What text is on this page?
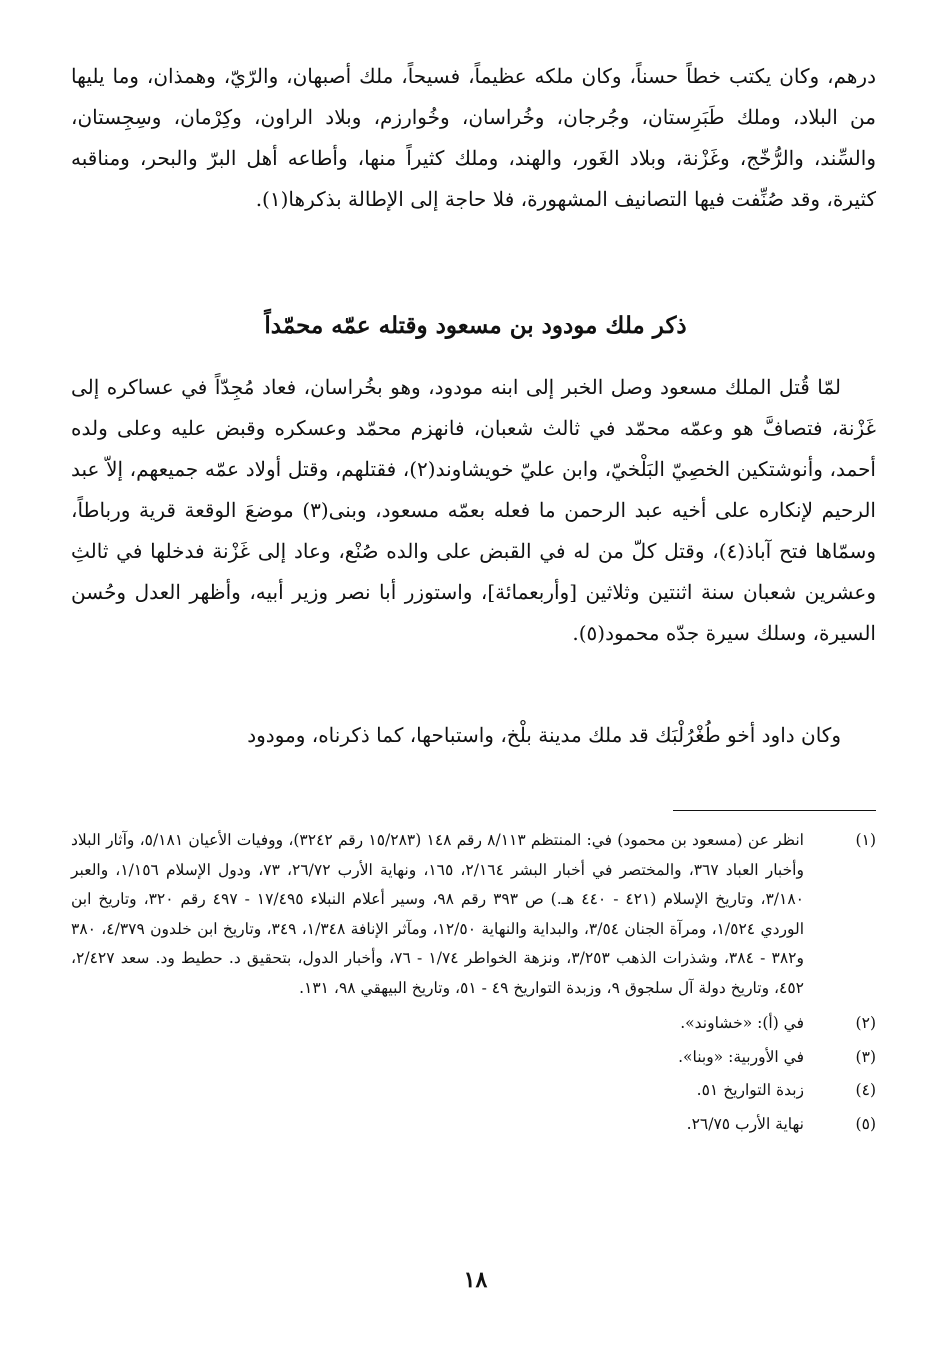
درهم، وكان يكتب خطاً حسناً، وكان ملكه عظيماً، فسيحاً، ملك أصبهان، والرّيّ، وهمذان، وما يليها من البلاد، وملك طَبَرِستان، وجُرجان، وخُراسان، وخُوارزم، وبلاد الراون، وكِرْمان، وسِجِستان، والسِّند، والرُّخّج، وغَزْنة، وبلاد الغَور، والهند، وملك كثيراً منها، وأطاعه أهل البرّ والبحر، ومناقبه كثيرة، وقد صُنِّفت فيها التصانيف المشهورة، فلا حاجة إلى الإطالة بذكرها(١).

ذكر ملك مودود بن مسعود وقتله عمّه محمّداً

لمّا قُتل الملك مسعود وصل الخبر إلى ابنه مودود، وهو بخُراسان، فعاد مُجِدّاً في عساكره إلى غَزْنة، فتصافَّ هو وعمّه محمّد في ثالث شعبان، فانهزم محمّد وعسكره وقبض عليه وعلى ولده أحمد، وأنوشتكين الخصِيّ البَلْخيّ، وابن عليّ خويشاوند(٢)، فقتلهم، وقتل أولاد عمّه جميعهم، إلاّ عبد الرحيم لإنكاره على أخيه عبد الرحمن ما فعله بعمّه مسعود، وبنى(٣) موضعَ الوقعة قرية ورباطاً، وسمّاها فتح آباذ(٤)، وقتل كلّ من له في القبض على والده صُنْع، وعاد إلى غَزْنة فدخلها في ثالثِ وعشرين شعبان سنة اثنتين وثلاثين [وأربعمائة]، واستوزر أبا نصر وزير أبيه، وأظهر العدل وحُسن السيرة، وسلك سيرة جدّه محمود(٥).

وكان داود أخو طُغْرُلْبَك قد ملك مدينة بلْخ، واستباحها، كما ذكرناه، ومودود

(١)
انظر عن (مسعود بن محمود) في: المنتظم ٨/١١٣ رقم ١٤٨ (١٥/٢٨٣ رقم ٣٢٤٢)، ووفيات الأعيان ٥/١٨١، وآثار البلاد وأخبار العباد ٣٦٧، والمختصر في أخبار البشر ٢/١٦٤، ١٦٥، ونهاية الأرب ٢٦/٧٢، ٧٣، ودول الإسلام ١/١٥٦، والعبر ٣/١٨٠، وتاريخ الإسلام (٤٢١ - ٤٤٠ هـ.) ص ٣٩٣ رقم ٩٨، وسير أعلام النبلاء ١٧/٤٩٥ - ٤٩٧ رقم ٣٢٠، وتاريخ ابن الوردي ١/٥٢٤، ومرآة الجنان ٣/٥٤، والبداية والنهاية ١٢/٥٠، ومآثر الإنافة ١/٣٤٨، ٣٤٩، وتاريخ ابن خلدون ٤/٣٧٩، ٣٨٠ و٣٨٢ - ٣٨٤، وشذرات الذهب ٣/٢٥٣، ونزهة الخواطر ١/٧٤ - ٧٦، وأخبار الدول، بتحقيق د. حطيط ود. سعد ٢/٤٢٧، ٤٥٢، وتاريخ دولة آل سلجوق ٩، وزبدة التواريخ ٤٩ - ٥١، وتاريخ البيهقي ٩٨، ١٣١.
(٢)
في (أ): «خشاوند».
(٣)
في الأوربية: «وبنا».
(٤)
زبدة التواريخ ٥١.
(٥)
نهاية الأرب ٢٦/٧٥.
١٨
